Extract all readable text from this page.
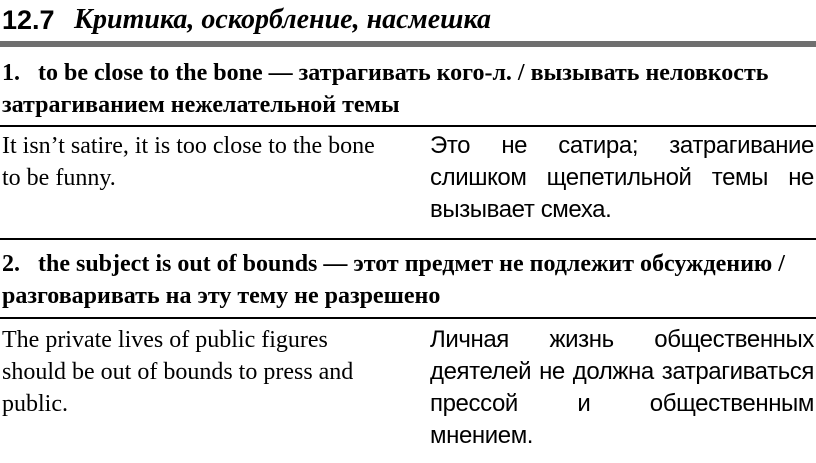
12.7 Критика, оскорбление, насмешка
1. to be close to the bone — затрагивать кого-л. / вызывать неловкость затрагиванием нежелательной темы
It isn’t satire, it is too close to the bone to be funny.
Это не сатира; затрагивание слишком щепетильной темы не вызывает смеха.
2. the subject is out of bounds — этот предмет не подлежит обсуждению / разговаривать на эту тему не разрешено
The private lives of public figures should be out of bounds to press and public.
Личная жизнь общественных деятелей не должна затрагиваться прессой и общественным мнением.
